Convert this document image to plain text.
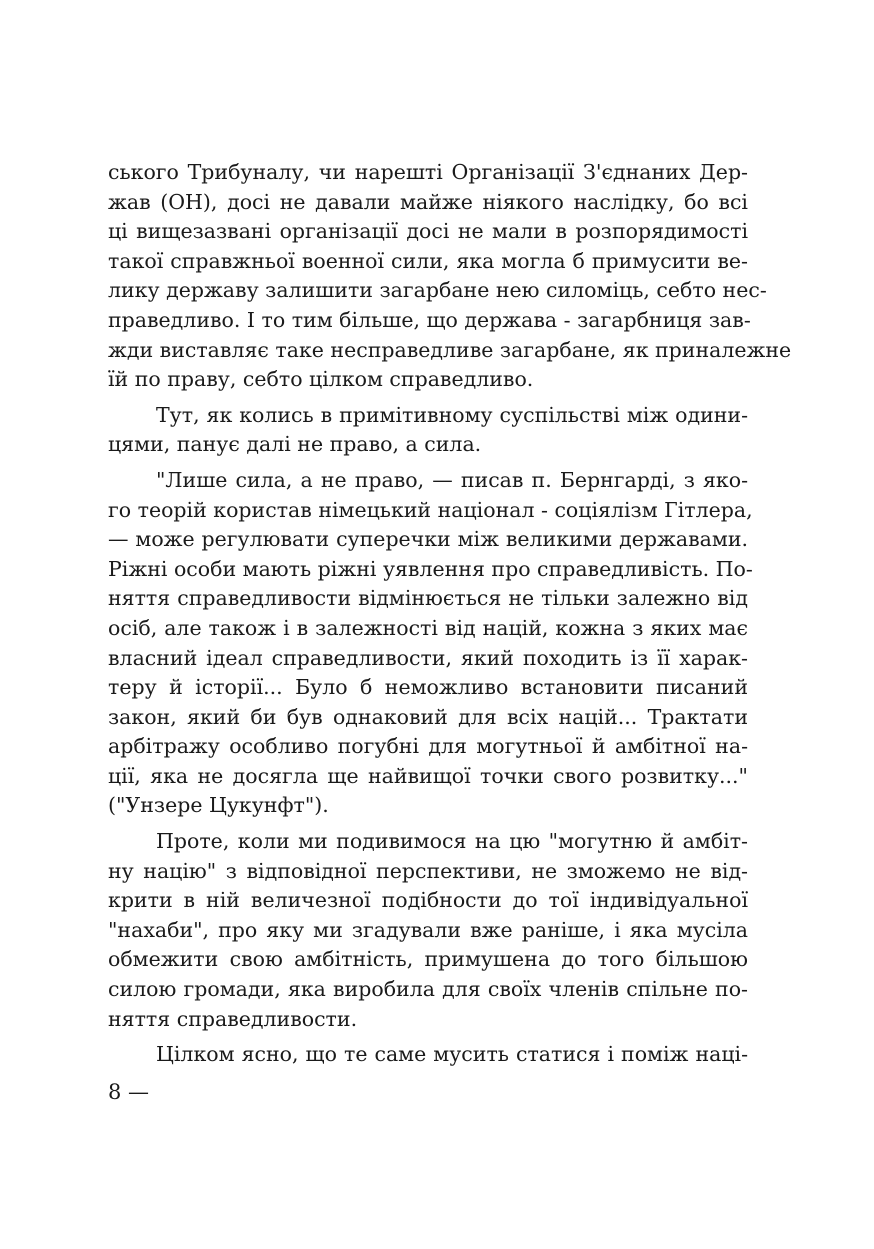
ського Трибуналу, чи нарешті Організації З'єднаних Дер-
жав (ОН), досі не давали майже ніякого наслідку, бо всі
ці вищезазвані організації досі не мали в розпорядимості
такої справжньої военної сили, яка могла б примусити ве-
лику державу залишити загарбане нею силоміць, себто нес-
праведливо. І то тим більше, що держава - загарбниця зав-
жди виставляє таке несправедливе загарбане, як приналежне
їй по праву, себто цілком справедливо.
Тут, як колись в примітивному суспільстві між одини-
цями, панує далі не право, а сила.
"Лише сила, а не право, — писав п. Бернгарді, з яко-
го теорій користав німецький націонал - соціялізм Гітлера,
— може регулювати суперечки між великими державами.
Ріжні особи мають ріжні уявлення про справедливість. По-
няття справедливости відмінюється не тільки залежно від
осіб, але також і в залежності від націй, кожна з яких має
власний ідеал справедливости, який походить із її харак-
теру й історії... Було б неможливо встановити писаний
закон, який би був однаковий для всіх націй... Трактати
арбітражу особливо погубні для могутньої й амбітної на-
ції, яка не досягла ще найвищої точки свого розвитку..."
("Унзере Цукунфт").
Проте, коли ми подивимося на цю "могутню й амбіт-
ну націю" з відповідної перспективи, не зможемо не від-
крити в ній величезної подібности до тої індивідуальної
"нахаби", про яку ми згадували вже раніше, і яка мусіла
обмежити свою амбітність, примушена до того більшою
силою громади, яка виробила для своїх членів спільне по-
няття справедливости.
Цілком ясно, що те саме мусить статися і поміж наці-
8 —
